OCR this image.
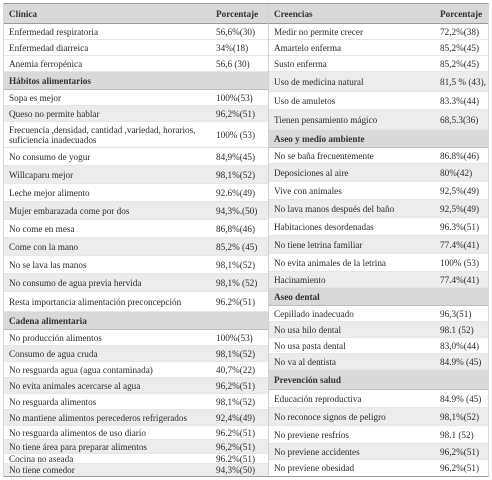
Clínica	Porcentaje
Enfermedad respiratoria	56,6%(30)
Enfermedad diarreica	34%(18)
Anemia ferropénica	56,6 (30)
Hábitos alimentarios
Sopa es mejor	100%(53)
Queso no permite hablar	96,2%(51)
Frecuencia ,densidad, cantidad ,variedad, horarios, suficiencia inadecuados	100% (53)
No consumo de yogur	84,9%(45)
Willcaparu mejor	98,1%(52)
Leche mejor alimento	92.6%(49)
Mujer embarazada come por dos	94,3%.(50)
No come en mesa	86,8%(46)
Come con la mano	85,2% (45)
No se lava las manos	98,1%(52)
No consumo de agua previa hervida	98,1% (52)
Resta importancia alimentación preconcepción	96.2%(51)
Cadena alimentaria
No producción alimentos	100%(53)
Consumo de agua cruda	98,1%(52)
No resguarda agua (agua contaminada)	40,7%(22)
No evita animales acercarse al agua	96,2%(51)
No resguarda alimentos	98,1%(52)
No mantiene alimentos perecederos refrigerados	92,4%(49)
No resguarda alimentos de uso diario	96.2%(51)
No tiene área para preparar alimentos	96,2%(51)
Cocina no aseada	96.2%(51)
No tiene comedor	94,3%(50)
Creencias	Porcentaje
Medir no permite crecer	72,2%(38)
Amartelo enferma	85,2%(45)
Susto enferma	85,2%(45)
Uso de medicina natural	81,5 % (43),
Uso de amuletos	83.3%(44)
Tienen pensamiento mágico	68,5.3(36)
Aseo y medio ambiente
No se baña frecuentemente	86.8%(46)
Deposiciones al aire	80%(42)
Vive con animales	92,5%(49)
No lava manos después del baño	92,5%(49)
Habitaciones desordenadas	96.3%(51)
No tiene letrina familiar	77.4%(41)
No evita animales de la letrina	100% (53)
Hacinamiento	77.4%(41)
Aseo dental
Cepillado inadecuado	96,3(51)
No usa hilo dental	98.1 (52)
No usa pasta dental	83,0%(44)
No va al dentista	84.9% (45)
Prevención salud
Educación reproductiva	84.9% (45)
No reconoce signos de peligro	98,1%(52)
No previene resfríos	98.1 (52)
No previene accidentes	96,2%(51)
No previene obesidad	96,2%(51)
